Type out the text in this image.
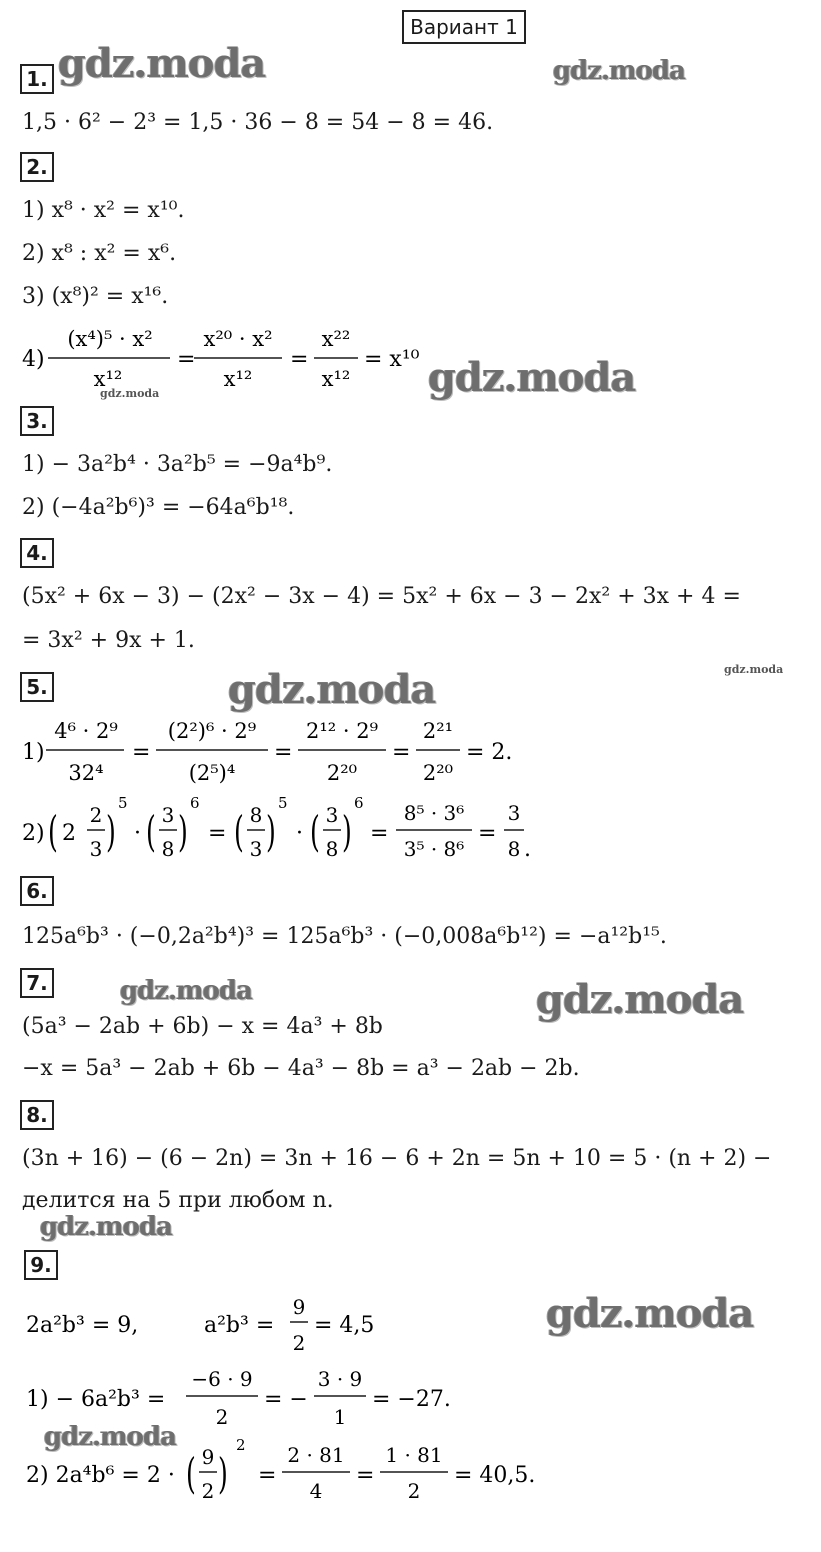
Вариант 1
gdz.moda	gdz.moda
gdz.moda
gdz.moda
gdz.moda	gdz.moda
gdz.moda	gdz.moda
gdz.moda
gdz.moda
gdz.moda
1.
2.
3.
4.
5.
6.
7.
8.
9.
1,5 · 6² − 2³ = 1,5 · 36 − 8 = 54 − 8 = 46.
1) x⁸ · x² = x¹⁰.
2) x⁸ : x² = x⁶.
3) (x⁸)² = x¹⁶.
4)
(x⁴)⁵ · x²
x¹²
=
x²⁰ · x²
x¹²
=
x²²
x¹²
= x¹⁰
1) − 3a²b⁴ · 3a²b⁵ = −9a⁴b⁹.
2) (−4a²b⁶)³ = −64a⁶b¹⁸.
(5x² + 6x − 3) − (2x² − 3x − 4) = 5x² + 6x − 3 − 2x² + 3x + 4 =
= 3x² + 9x + 1.
1)
4⁶ · 2⁹
32⁴
=
(2²)⁶ · 2⁹
(2⁵)⁴
=
2¹² · 2⁹
2²⁰
=
2²¹
2²⁰
= 2.
2) ( 2
2
3 )
5
· ( 3
8 )
6
= ( 8
3 )
5
· ( 3
8 )
6
=
8⁵ · 3⁶
3⁵ · 8⁶
=
3
8 .
125a⁶b³ · (−0,2a²b⁴)³ = 125a⁶b³ · (−0,008a⁶b¹²) = −a¹²b¹⁵.
(5a³ − 2ab + 6b) − x = 4a³ + 8b
−x = 5a³ − 2ab + 6b − 4a³ − 8b = a³ − 2ab − 2b.
(3n + 16) − (6 − 2n) = 3n + 16 − 6 + 2n = 5n + 10 = 5 · (n + 2) −
делится на 5 при любом n.
2a²b³ = 9,	a²b³ =
9
2
= 4,5
1) − 6a²b³ =
−6 · 9
2
= −
3 · 9
1
= −27.
2) 2a⁴b⁶ = 2 · ( 9
2 )
2
=
2 · 81
4
=
1 · 81
2
= 40,5.
